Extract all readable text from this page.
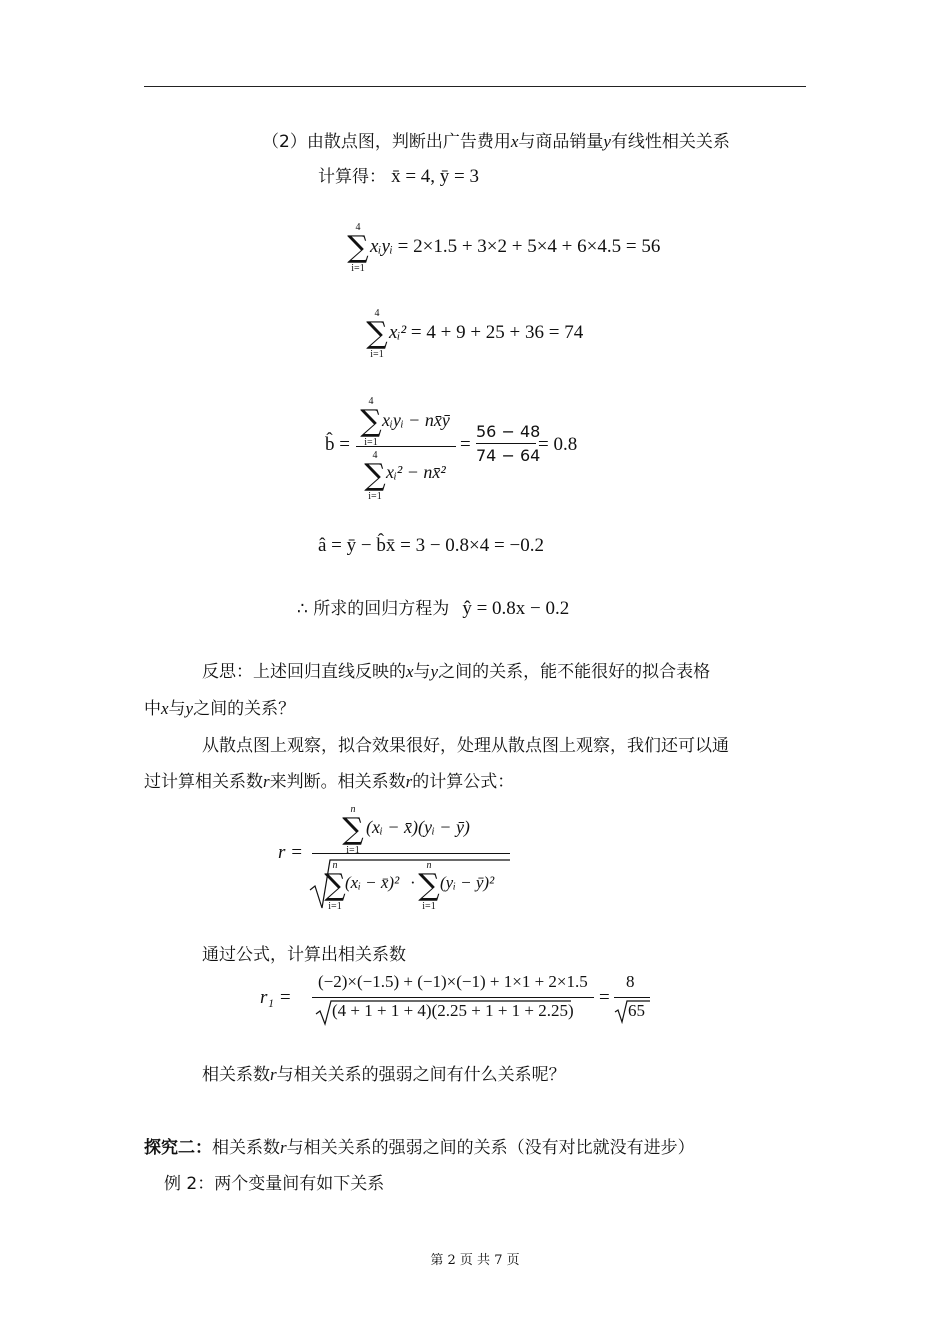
（2）由散点图，判断出广告费用x与商品销量y有线性相关关系
计算得： x̄ = 4, ȳ = 3
4
∑
i=1
xᵢyᵢ = 2×1.5 + 3×2 + 5×4 + 6×4.5 = 56
4
∑
i=1
xᵢ² = 4 + 9 + 25 + 36 = 74
b̂ =
4
∑
i=1
xᵢyᵢ − nx̄ȳ
4
∑
i=1
xᵢ² − nx̄²
=
56 − 48
74 − 64
= 0.8
â = ȳ − b̂x̄ = 3 − 0.8×4 = −0.2
∴ 所求的回归方程为 ŷ = 0.8x − 0.2
反思：上述回归直线反映的x与y之间的关系，能不能很好的拟合表格
中x与y之间的关系？
从散点图上观察，拟合效果很好，处理从散点图上观察，我们还可以通
过计算相关系数r来判断。相关系数r的计算公式：
r =
n
∑
i=1
(xᵢ − x̄)(yᵢ − ȳ)
n
∑
i=1
(xᵢ − x̄)² ·
n
∑
i=1
(yᵢ − ȳ)²
通过公式，计算出相关系数
r₁ =
(−2)×(−1.5) + (−1)×(−1) + 1×1 + 2×1.5
(4 + 1 + 1 + 4)(2.25 + 1 + 1 + 2.25)
=
8
65
相关系数r与相关关系的强弱之间有什么关系呢？
探究二：相关系数r与相关关系的强弱之间的关系（没有对比就没有进步）
例 2：两个变量间有如下关系
第 2 页 共 7 页
